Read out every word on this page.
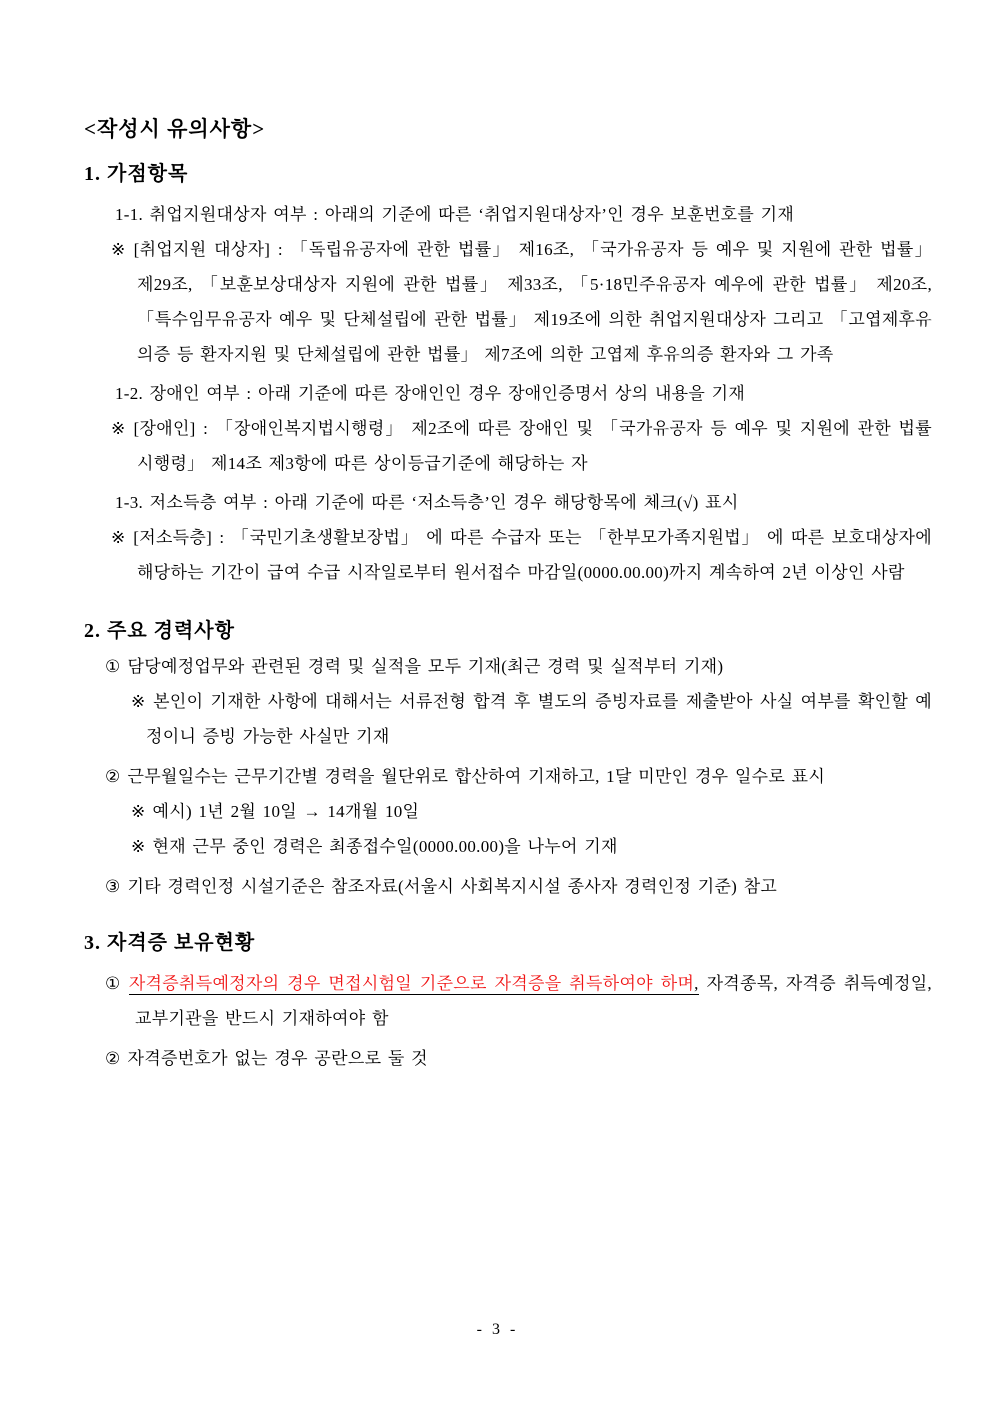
<작성시 유의사항>
1. 가점항목

1-1. 취업지원대상자 여부 : 아래의 기준에 따른 ‘취업지원대상자’인 경우 보훈번호를 기재

※ [취업지원 대상자] : 「독립유공자에 관한 법률」 제16조, 「국가유공자 등 예우 및 지원에 관한 법률」 제29조, 「보훈보상대상자 지원에 관한 법률」 제33조, 「5·18민주유공자 예우에 관한 법률」 제20조, 「특수임무유공자 예우 및 단체설립에 관한 법률」 제19조에 의한 취업지원대상자 그리고 「고엽제후유의증 등 환자지원 및 단체설립에 관한 법률」 제7조에 의한 고엽제 후유의증 환자와 그 가족

1-2. 장애인 여부 : 아래 기준에 따른 장애인인 경우 장애인증명서 상의 내용을 기재

※ [장애인] : 「장애인복지법시행령」 제2조에 따른 장애인 및 「국가유공자 등 예우 및 지원에 관한 법률 시행령」 제14조 제3항에 따른 상이등급기준에 해당하는 자

1-3. 저소득층 여부 : 아래 기준에 따른 ‘저소득층’인 경우 해당항목에 체크(√) 표시

※ [저소득층] : 「국민기초생활보장법」 에 따른 수급자 또는 「한부모가족지원법」 에 따른 보호대상자에 해당하는 기간이 급여 수급 시작일로부터 원서접수 마감일(0000.00.00)까지 계속하여 2년 이상인 사람

2. 주요 경력사항

① 담당예정업무와 관련된 경력 및 실적을 모두 기재(최근 경력 및 실적부터 기재)

※ 본인이 기재한 사항에 대해서는 서류전형 합격 후 별도의 증빙자료를 제출받아 사실 여부를 확인할 예정이니 증빙 가능한 사실만 기재

② 근무월일수는 근무기간별 경력을 월단위로 합산하여 기재하고, 1달 미만인 경우 일수로 표시

※ 예시) 1년 2월 10일 → 14개월 10일

※ 현재 근무 중인 경력은 최종접수일(0000.00.00)을 나누어 기재

③ 기타 경력인정 시설기준은 참조자료(서울시 사회복지시설 종사자 경력인정 기준) 참고

3. 자격증 보유현황

① 자격증취득예정자의 경우 면접시험일 기준으로 자격증을 취득하여야 하며, 자격종목, 자격증 취득예정일, 교부기관을 반드시 기재하여야 함

② 자격증번호가 없는 경우 공란으로 둘 것

- 3 -
